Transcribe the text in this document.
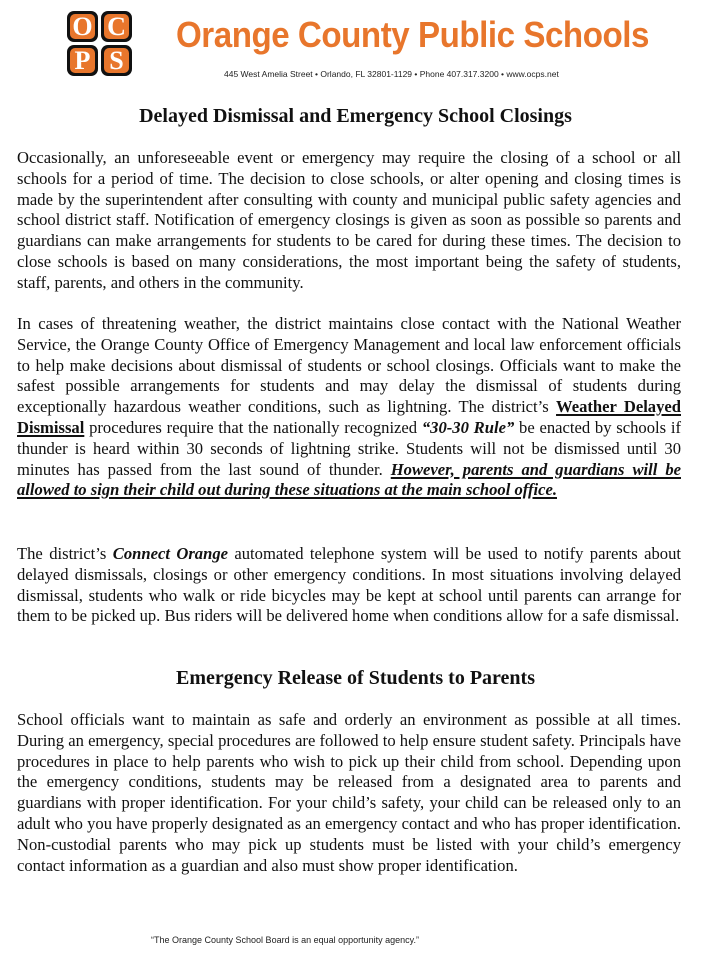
O C
P S
Orange County Public Schools
445 West Amelia Street • Orlando, FL 32801-1129 • Phone 407.317.3200 • www.ocps.net
Delayed Dismissal and Emergency School Closings

Occasionally, an unforeseeable event or emergency may require the closing of a school or all schools for a period of time. The decision to close schools, or alter opening and closing times is made by the superintendent after consulting with county and municipal public safety agencies and school district staff. Notification of emergency closings is given as soon as possible so parents and guardians can make arrangements for students to be cared for during these times. The decision to close schools is based on many considerations, the most important being the safety of students, staff, parents, and others in the community.

In cases of threatening weather, the district maintains close contact with the National Weather Service, the Orange County Office of Emergency Management and local law enforcement officials to help make decisions about dismissal of students or school closings. Officials want to make the safest possible arrangements for students and may delay the dismissal of students during exceptionally hazardous weather conditions, such as lightning. The district’s Weather Delayed Dismissal procedures require that the nationally recognized “30-30 Rule” be enacted by schools if thunder is heard within 30 seconds of lightning strike. Students will not be dismissed until 30 minutes has passed from the last sound of thunder. However, parents and guardians will be allowed to sign their child out during these situations at the main school office.

The district’s Connect Orange automated telephone system will be used to notify parents about delayed dismissals, closings or other emergency conditions. In most situations involving delayed dismissal, students who walk or ride bicycles may be kept at school until parents can arrange for them to be picked up. Bus riders will be delivered home when conditions allow for a safe dismissal.

Emergency Release of Students to Parents

School officials want to maintain as safe and orderly an environment as possible at all times. During an emergency, special procedures are followed to help ensure student safety. Principals have procedures in place to help parents who wish to pick up their child from school. Depending upon the emergency conditions, students may be released from a designated area to parents and guardians with proper identification. For your child’s safety, your child can be released only to an adult who you have properly designated as an emergency contact and who has proper identification. Non-custodial parents who may pick up students must be listed with your child’s emergency contact information as a guardian and also must show proper identification.

“The Orange County School Board is an equal opportunity agency.”
